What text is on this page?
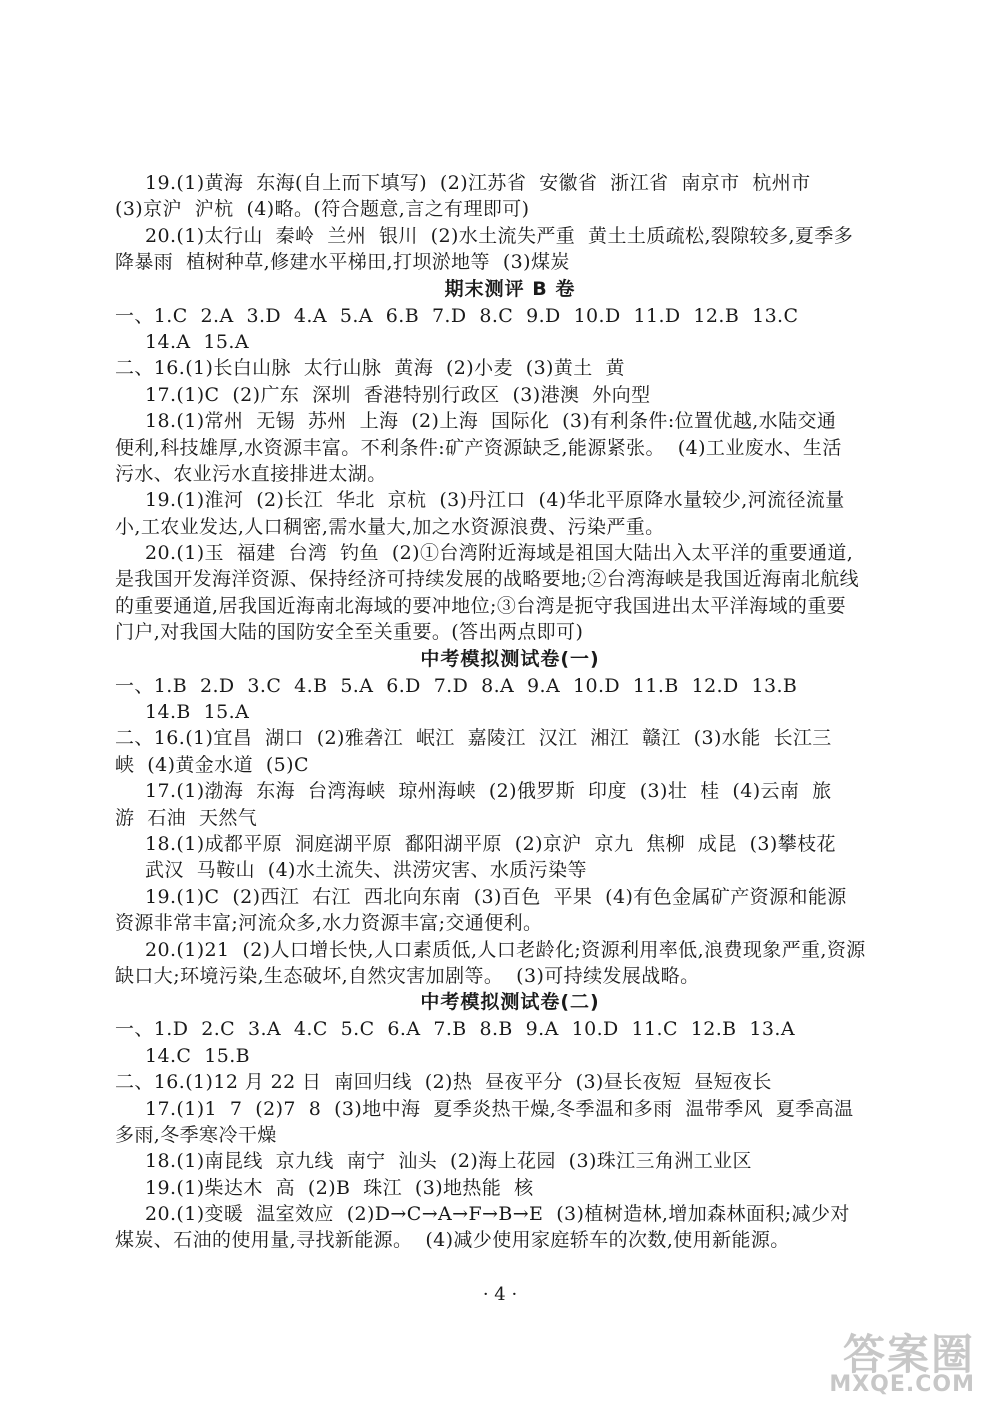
19.(1)黄海  东海(自上而下填写)  (2)江苏省  安徽省  浙江省  南京市  杭州市
(3)京沪  沪杭  (4)略。(符合题意,言之有理即可)
20.(1)太行山  秦岭  兰州  银川  (2)水土流失严重  黄土土质疏松,裂隙较多,夏季多
降暴雨  植树种草,修建水平梯田,打坝淤地等  (3)煤炭
期末测评 B 卷
一、1.C  2.A  3.D  4.A  5.A  6.B  7.D  8.C  9.D  10.D  11.D  12.B  13.C
14.A  15.A
二、16.(1)长白山脉  太行山脉  黄海  (2)小麦  (3)黄土  黄
17.(1)C  (2)广东  深圳  香港特别行政区  (3)港澳  外向型
18.(1)常州  无锡  苏州  上海  (2)上海  国际化  (3)有利条件:位置优越,水陆交通
便利,科技雄厚,水资源丰富。不利条件:矿产资源缺乏,能源紧张。  (4)工业废水、生活
污水、农业污水直接排进太湖。
19.(1)淮河  (2)长江  华北  京杭  (3)丹江口  (4)华北平原降水量较少,河流径流量
小,工农业发达,人口稠密,需水量大,加之水资源浪费、污染严重。
20.(1)玉  福建  台湾  钓鱼  (2)①台湾附近海域是祖国大陆出入太平洋的重要通道,
是我国开发海洋资源、保持经济可持续发展的战略要地;②台湾海峡是我国近海南北航线
的重要通道,居我国近海南北海域的要冲地位;③台湾是扼守我国进出太平洋海域的重要
门户,对我国大陆的国防安全至关重要。(答出两点即可)
中考模拟测试卷(一)
一、1.B  2.D  3.C  4.B  5.A  6.D  7.D  8.A  9.A  10.D  11.B  12.D  13.B
14.B  15.A
二、16.(1)宜昌  湖口  (2)雅砻江  岷江  嘉陵江  汉江  湘江  赣江  (3)水能  长江三
峡  (4)黄金水道  (5)C
17.(1)渤海  东海  台湾海峡  琼州海峡  (2)俄罗斯  印度  (3)壮  桂  (4)云南  旅
游  石油  天然气
18.(1)成都平原  洞庭湖平原  鄱阳湖平原  (2)京沪  京九  焦柳  成昆  (3)攀枝花
武汉  马鞍山  (4)水土流失、洪涝灾害、水质污染等
19.(1)C  (2)西江  右江  西北向东南  (3)百色  平果  (4)有色金属矿产资源和能源
资源非常丰富;河流众多,水力资源丰富;交通便利。
20.(1)21  (2)人口增长快,人口素质低,人口老龄化;资源利用率低,浪费现象严重,资源
缺口大;环境污染,生态破坏,自然灾害加剧等。  (3)可持续发展战略。
中考模拟测试卷(二)
一、1.D  2.C  3.A  4.C  5.C  6.A  7.B  8.B  9.A  10.D  11.C  12.B  13.A
14.C  15.B
二、16.(1)12 月 22 日  南回归线  (2)热  昼夜平分  (3)昼长夜短  昼短夜长
17.(1)1  7  (2)7  8  (3)地中海  夏季炎热干燥,冬季温和多雨  温带季风  夏季高温
多雨,冬季寒冷干燥
18.(1)南昆线  京九线  南宁  汕头  (2)海上花园  (3)珠江三角洲工业区
19.(1)柴达木  高  (2)B  珠江  (3)地热能  核
20.(1)变暖  温室效应  (2)D→C→A→F→B→E  (3)植树造林,增加森林面积;减少对
煤炭、石油的使用量,寻找新能源。  (4)减少使用家庭轿车的次数,使用新能源。
· 4 ·
答案圈
MXQE.COM
